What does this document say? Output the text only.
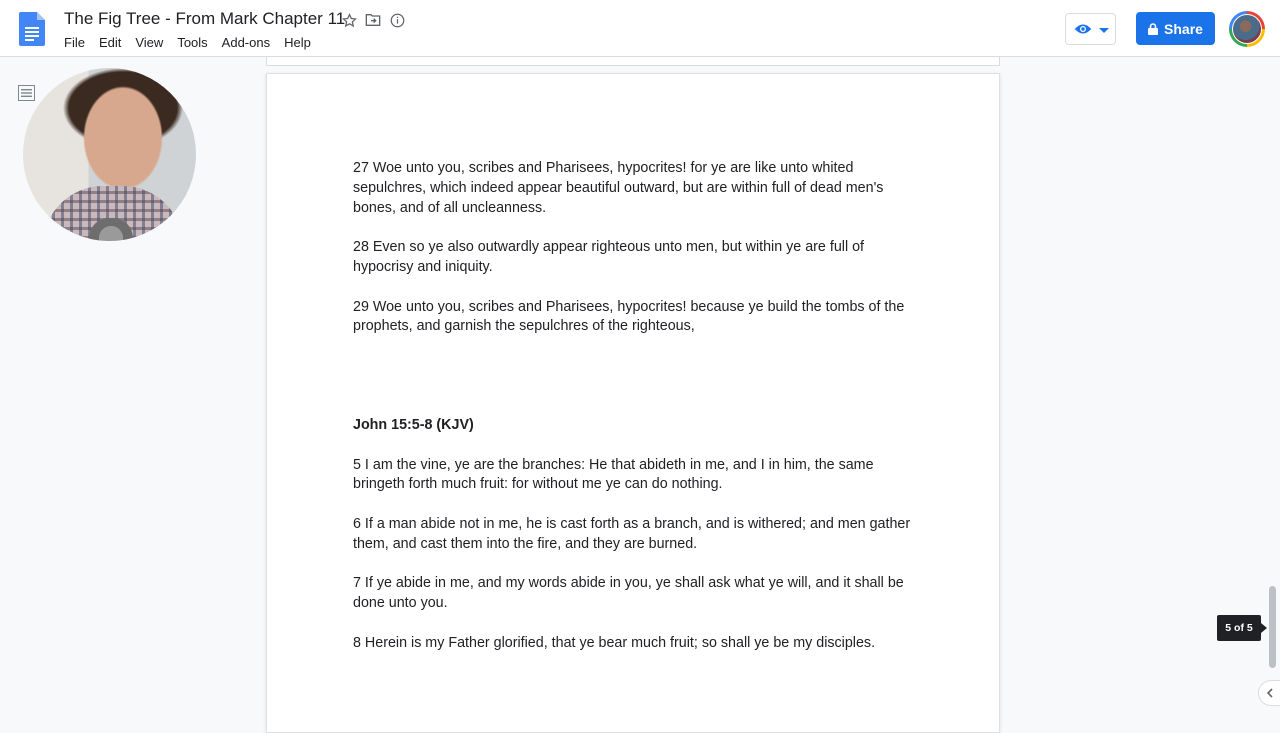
The Fig Tree - From Mark Chapter 11
File	Edit	View	Tools	Add-ons	Help
Share

27 Woe unto you, scribes and Pharisees, hypocrites! for ye are like unto whited sepulchres, which indeed appear beautiful outward, but are within full of dead men's bones, and of all uncleanness.

28 Even so ye also outwardly appear righteous unto men, but within ye are full of hypocrisy and iniquity.

29 Woe unto you, scribes and Pharisees, hypocrites! because ye build the tombs of the prophets, and garnish the sepulchres of the righteous,

John 15:5-8 (KJV)

5 I am the vine, ye are the branches: He that abideth in me, and I in him, the same bringeth forth much fruit: for without me ye can do nothing.

6 If a man abide not in me, he is cast forth as a branch, and is withered; and men gather them, and cast them into the fire, and they are burned.

7 If ye abide in me, and my words abide in you, ye shall ask what ye will, and it shall be done unto you.

8 Herein is my Father glorified, that ye bear much fruit; so shall ye be my disciples.

5 of 5
